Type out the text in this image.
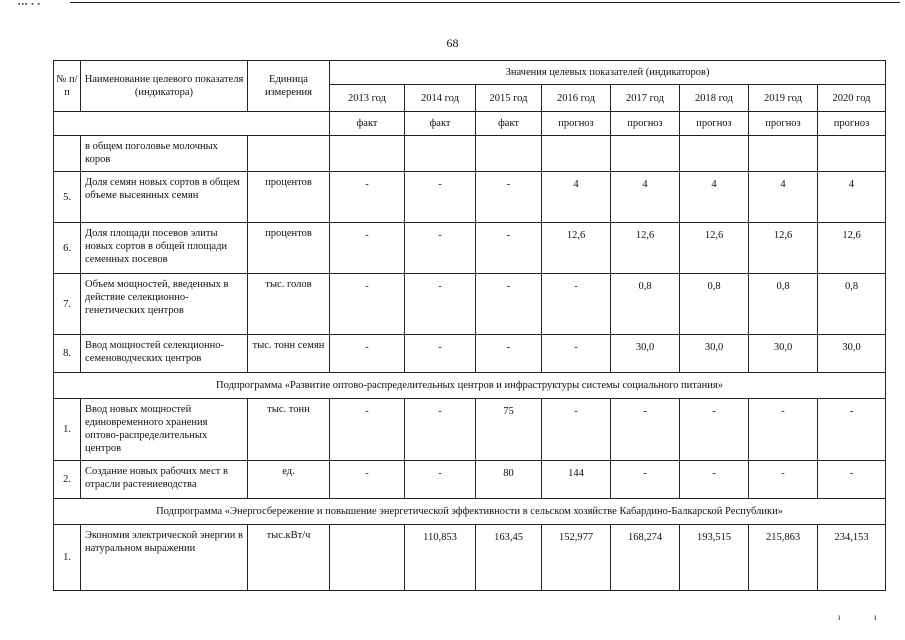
▪▪▪ ▪ ▪
68
№ п/п	Наименование целевого показателя (индикатора)	Единица измерения	Значения целевых показателей (индикаторов)							
			2013 год	2014 год	2015 год	2016 год	2017 год	2018 год	2019 год	2020 год
			факт	факт	факт	прогноз	прогноз	прогноз	прогноз	прогноз
	в общем поголовье молочных коров									
5.	Доля семян новых сортов в общем объеме высеянных семян	процентов	-	-	-	4	4	4	4	4
6.	Доля площади посевов элиты новых сортов в общей площади семенных посевов	процентов	-	-	-	12,6	12,6	12,6	12,6	12,6
7.	Объем мощностей, введенных в действие селекционно-генетических центров	тыс. голов	-	-	-	-	0,8	0,8	0,8	0,8
8.	Ввод мощностей селекционно-семеноводческих центров	тыс. тонн семян	-	-	-	-	30,0	30,0	30,0	30,0
Подпрограмма «Развитие оптово-распределительных центров и инфраструктуры системы социального питания»										
1.	Ввод новых мощностей единовременного хранения оптово-распределительных центров	тыс. тонн	-	-	75	-	-	-	-	-
2.	Создание новых рабочих мест в отрасли растениеводства	ед.	-	-	80	144	-	-	-	-
Подпрограмма «Энергосбережение и повышение энергетической эффективности в сельском хозяйстве Кабардино-Балкарской Республики»										
1.	Экономия электрической энергии в натуральном выражении	тыс.кВт/ч		110,853	163,45	152,977	168,274	193,515	215,863	234,153
ı	ı
